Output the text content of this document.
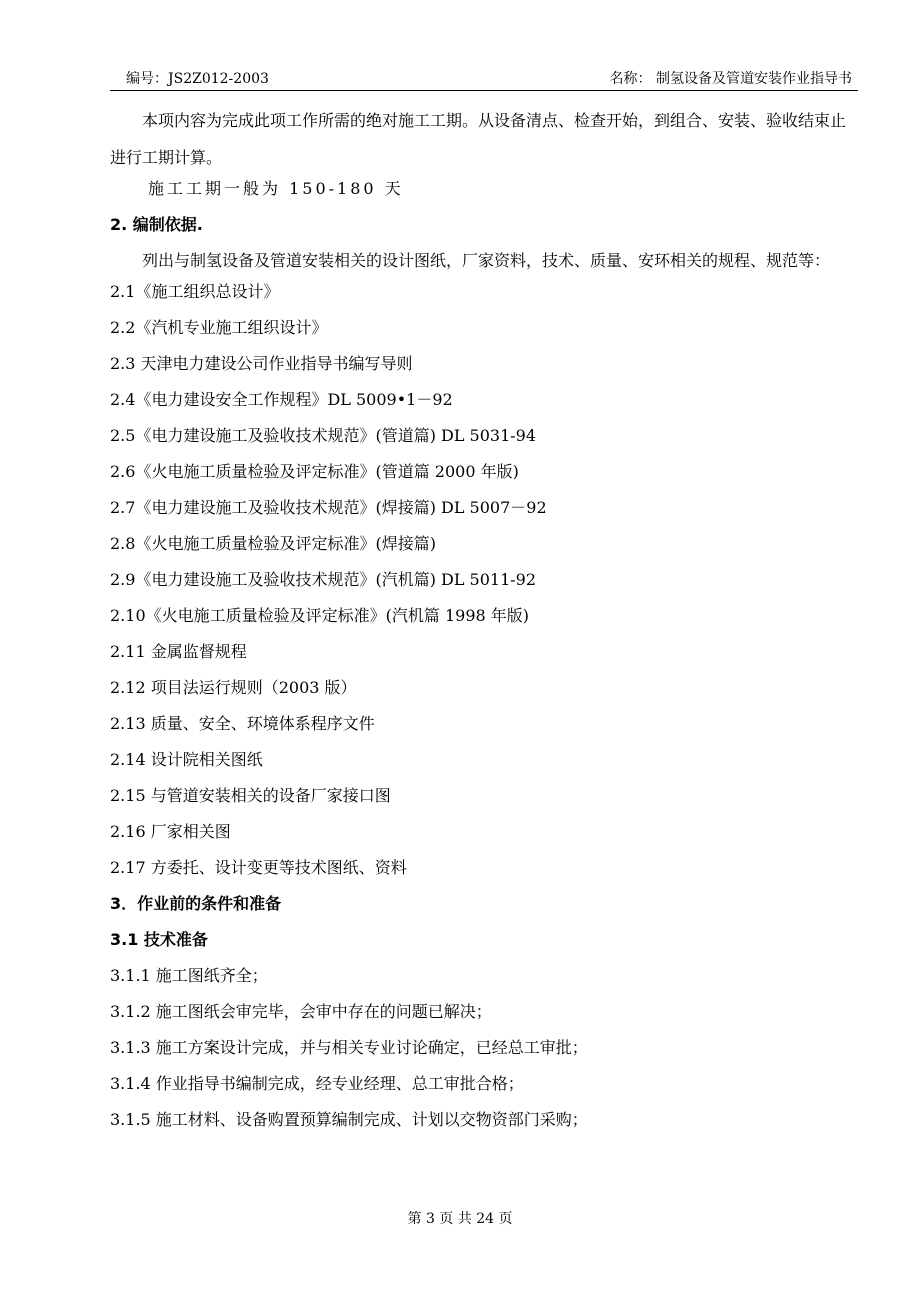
编号：JS2Z012-2003	名称： 制氢设备及管道安装作业指导书
本项内容为完成此项工作所需的绝对施工工期。从设备清点、检查开始，到组合、安装、验收结束止进行工期计算。
施工工期一般为 150-180 天
2. 编制依据.
列出与制氢设备及管道安装相关的设计图纸，厂家资料，技术、质量、安环相关的规程、规范等：
2.1《施工组织总设计》
2.2《汽机专业施工组织设计》
2.3 天津电力建设公司作业指导书编写导则
2.4《电力建设安全工作规程》DL 5009•1－92
2.5《电力建设施工及验收技术规范》(管道篇) DL 5031-94
2.6《火电施工质量检验及评定标准》(管道篇 2000 年版)
2.7《电力建设施工及验收技术规范》(焊接篇) DL 5007－92
2.8《火电施工质量检验及评定标准》(焊接篇)
2.9《电力建设施工及验收技术规范》(汽机篇) DL 5011-92
2.10《火电施工质量检验及评定标准》(汽机篇 1998 年版)
2.11 金属监督规程
2.12 项目法运行规则（2003 版）
2.13 质量、安全、环境体系程序文件
2.14 设计院相关图纸
2.15 与管道安装相关的设备厂家接口图
2.16 厂家相关图
2.17 方委托、设计变更等技术图纸、资料
3．作业前的条件和准备
3.1 技术准备
3.1.1 施工图纸齐全；
3.1.2 施工图纸会审完毕，会审中存在的问题已解决；
3.1.3 施工方案设计完成，并与相关专业讨论确定，已经总工审批；
3.1.4 作业指导书编制完成，经专业经理、总工审批合格；
3.1.5 施工材料、设备购置预算编制完成、计划以交物资部门采购；
第 3 页 共 24 页
